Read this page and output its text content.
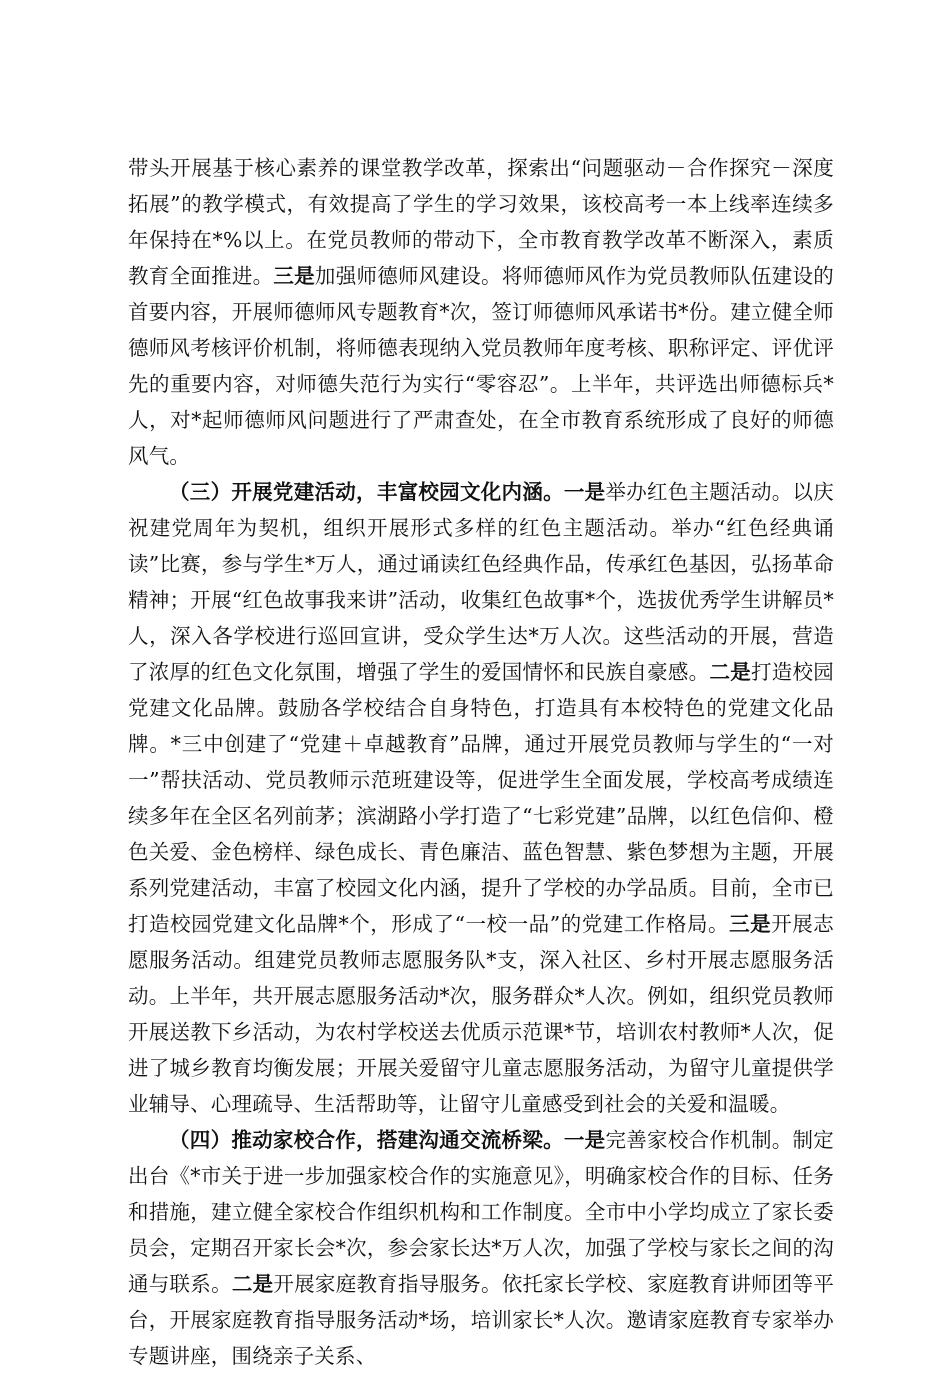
带头开展基于核心素养的课堂教学改革，探索出“问题驱动－合作探究－深度拓展”的教学模式，有效提高了学生的学习效果，该校高考一本上线率连续多年保持在*%以上。在党员教师的带动下，全市教育教学改革不断深入，素质教育全面推进。三是加强师德师风建设。将师德师风作为党员教师队伍建设的首要内容，开展师德师风专题教育*次，签订师德师风承诺书*份。建立健全师德师风考核评价机制，将师德表现纳入党员教师年度考核、职称评定、评优评先的重要内容，对师德失范行为实行“零容忍”。上半年，共评选出师德标兵*人，对*起师德师风问题进行了严肃查处，在全市教育系统形成了良好的师德风气。

（三）开展党建活动，丰富校园文化内涵。一是举办红色主题活动。以庆祝建党周年为契机，组织开展形式多样的红色主题活动。举办“红色经典诵读”比赛，参与学生*万人，通过诵读红色经典作品，传承红色基因，弘扬革命精神；开展“红色故事我来讲”活动，收集红色故事*个，选拔优秀学生讲解员*人，深入各学校进行巡回宣讲，受众学生达*万人次。这些活动的开展，营造了浓厚的红色文化氛围，增强了学生的爱国情怀和民族自豪感。二是打造校园党建文化品牌。鼓励各学校结合自身特色，打造具有本校特色的党建文化品牌。*三中创建了“党建＋卓越教育”品牌，通过开展党员教师与学生的“一对一”帮扶活动、党员教师示范班建设等，促进学生全面发展，学校高考成绩连续多年在全区名列前茅；滨湖路小学打造了“七彩党建”品牌，以红色信仰、橙色关爱、金色榜样、绿色成长、青色廉洁、蓝色智慧、紫色梦想为主题，开展系列党建活动，丰富了校园文化内涵，提升了学校的办学品质。目前，全市已打造校园党建文化品牌*个，形成了“一校一品”的党建工作格局。三是开展志愿服务活动。组建党员教师志愿服务队*支，深入社区、乡村开展志愿服务活动。上半年，共开展志愿服务活动*次，服务群众*人次。例如，组织党员教师开展送教下乡活动，为农村学校送去优质示范课*节，培训农村教师*人次，促进了城乡教育均衡发展；开展关爱留守儿童志愿服务活动，为留守儿童提供学业辅导、心理疏导、生活帮助等，让留守儿童感受到社会的关爱和温暖。

（四）推动家校合作，搭建沟通交流桥梁。一是完善家校合作机制。制定出台《*市关于进一步加强家校合作的实施意见》，明确家校合作的目标、任务和措施，建立健全家校合作组织机构和工作制度。全市中小学均成立了家长委员会，定期召开家长会*次，参会家长达*万人次，加强了学校与家长之间的沟通与联系。二是开展家庭教育指导服务。依托家长学校、家庭教育讲师团等平台，开展家庭教育指导服务活动*场，培训家长*人次。邀请家庭教育专家举办专题讲座，围绕亲子关系、
